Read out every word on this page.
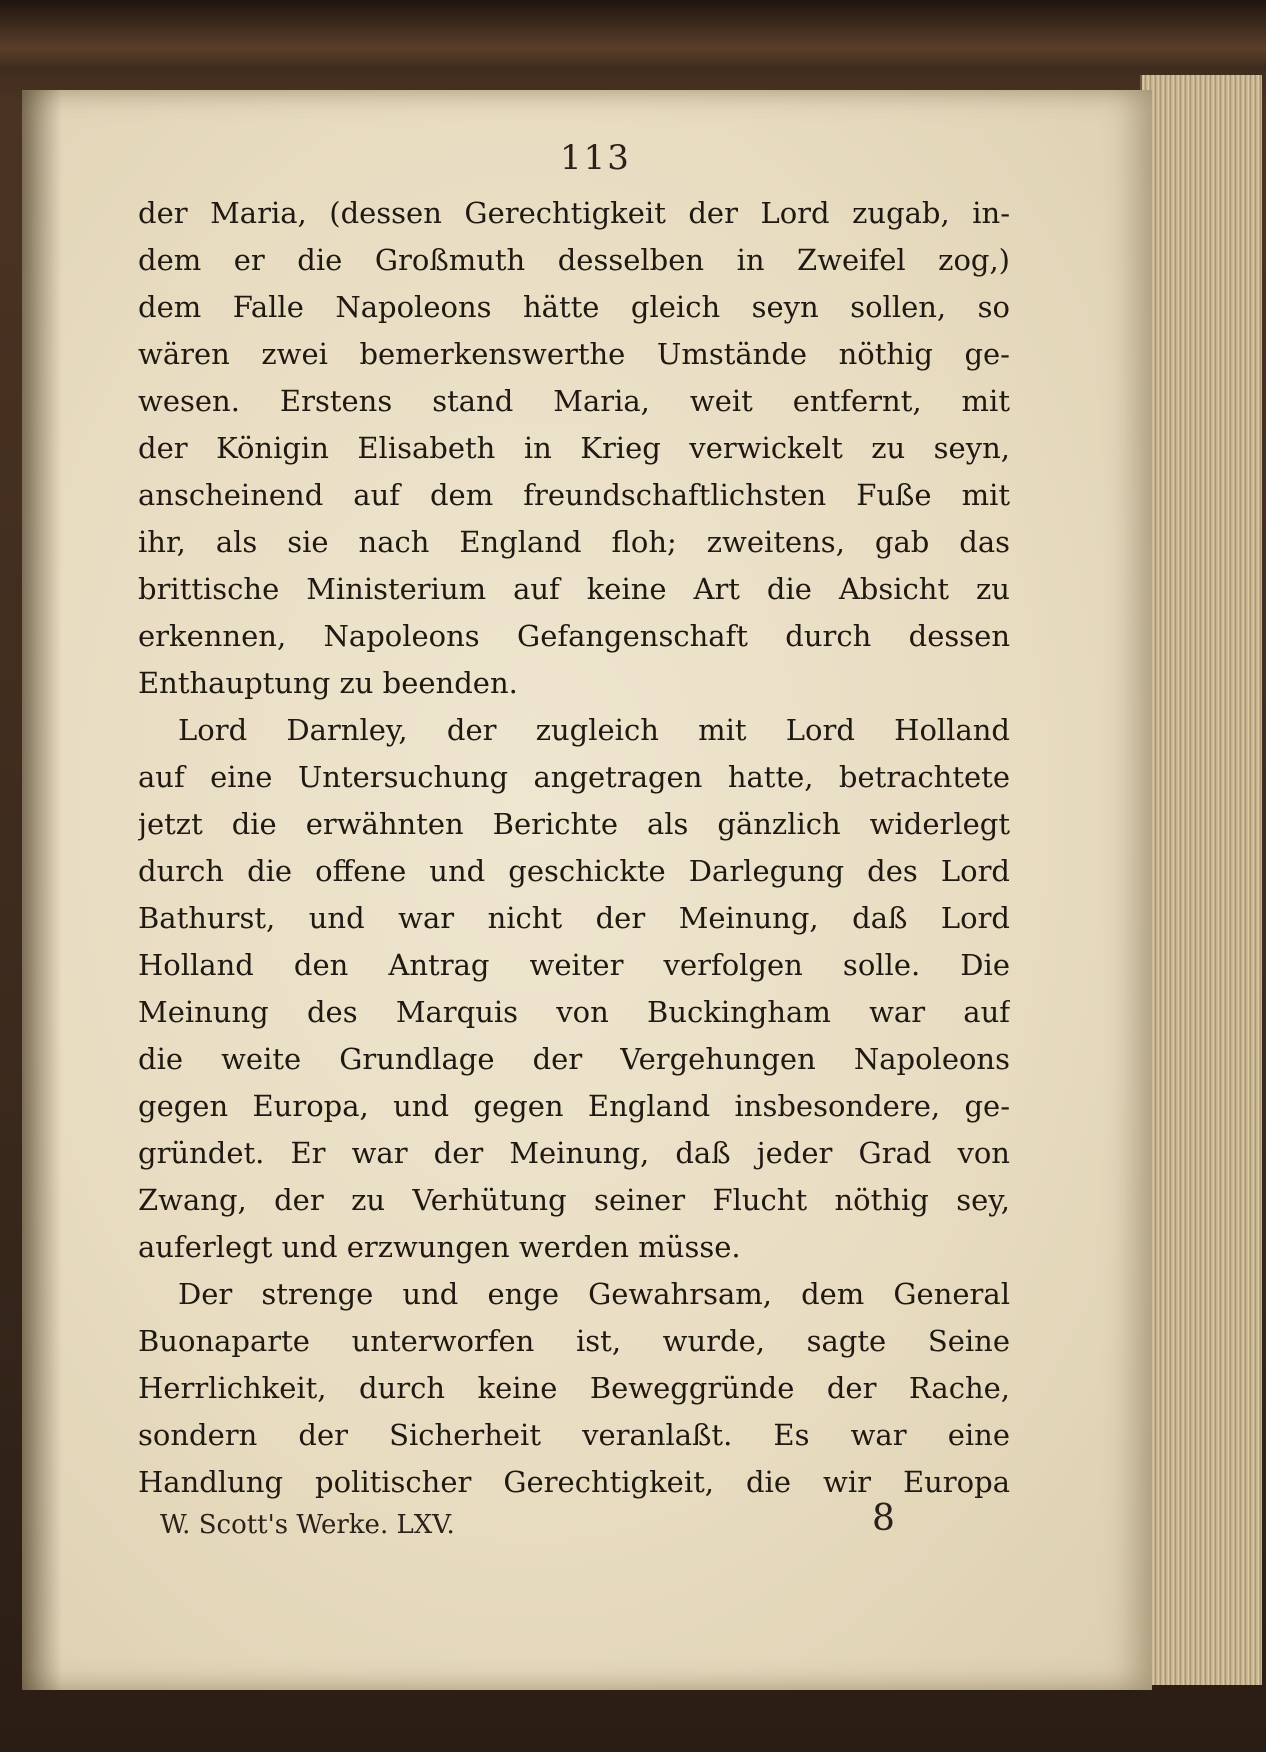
113
der Maria, (dessen Gerechtigkeit der Lord zugab, in-
dem er die Großmuth desselben in Zweifel zog,)
dem Falle Napoleons hätte gleich seyn sollen, so
wären zwei bemerkenswerthe Umstände nöthig ge-
wesen. Erstens stand Maria, weit entfernt, mit
der Königin Elisabeth in Krieg verwickelt zu seyn,
anscheinend auf dem freundschaftlichsten Fuße mit
ihr, als sie nach England floh; zweitens, gab das
brittische Ministerium auf keine Art die Absicht zu
erkennen, Napoleons Gefangenschaft durch dessen
Enthauptung zu beenden.
Lord Darnley, der zugleich mit Lord Holland
auf eine Untersuchung angetragen hatte, betrachtete
jetzt die erwähnten Berichte als gänzlich widerlegt
durch die offene und geschickte Darlegung des Lord
Bathurst, und war nicht der Meinung, daß Lord
Holland den Antrag weiter verfolgen solle. Die
Meinung des Marquis von Buckingham war auf
die weite Grundlage der Vergehungen Napoleons
gegen Europa, und gegen England insbesondere, ge-
gründet. Er war der Meinung, daß jeder Grad von
Zwang, der zu Verhütung seiner Flucht nöthig sey,
auferlegt und erzwungen werden müsse.
Der strenge und enge Gewahrsam, dem General
Buonaparte unterworfen ist, wurde, sagte Seine
Herrlichkeit, durch keine Beweggründe der Rache,
sondern der Sicherheit veranlaßt. Es war eine
Handlung politischer Gerechtigkeit, die wir Europa
W. Scott's Werke. LXV.	8
